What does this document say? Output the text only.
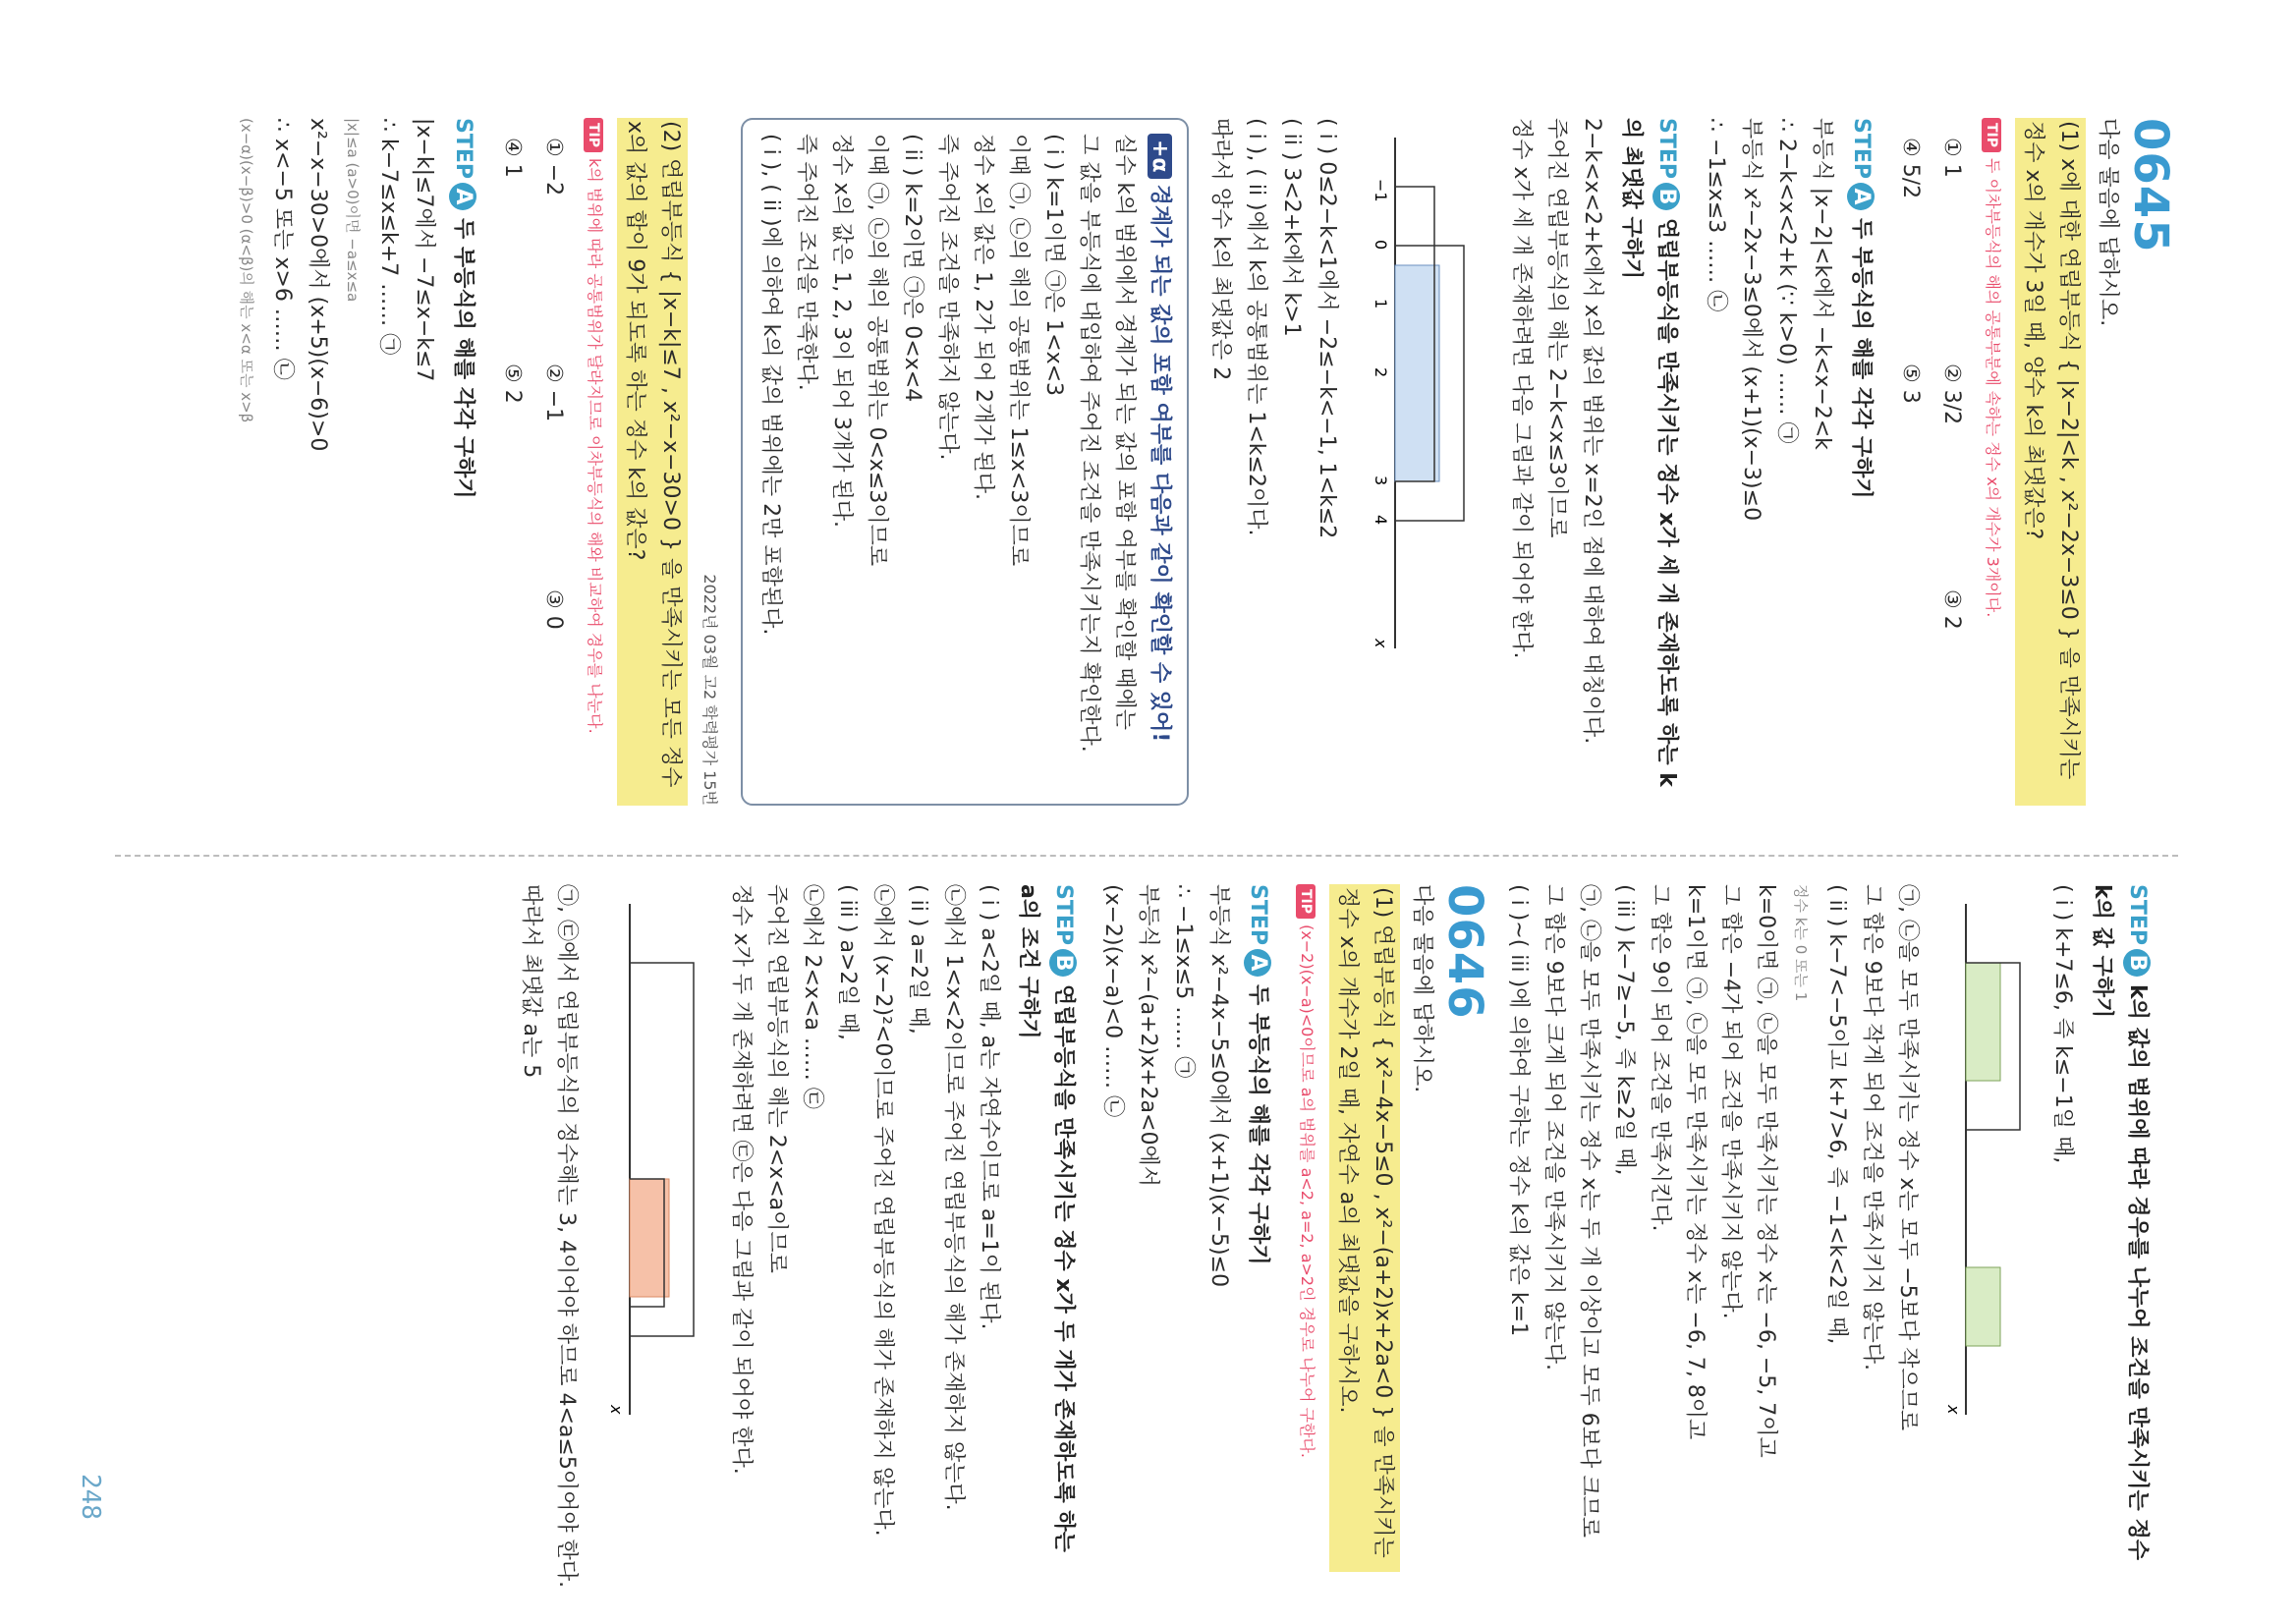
0645
다음 물음에 답하시오.
(1) x에 대한 연립부등식 { |x−2|<k , x²−2x−3≤0 } 을 만족시키는 정수 x의 개수가 3일 때, 양수 k의 최댓값은?
TIP두 이차부등식의 해의 공통부분에 속하는 정수 x의 개수가 3개이다.
① 1
② 3/2
③ 2
④ 5/2
⑤ 3
STEPA두 부등식의 해를 각각 구하기
부등식 |x−2|<k에서 −k<x−2<k
∴ 2−k<x<2+k (∵ k>0) …… ㉠
부등식 x²−2x−3≤0에서 (x+1)(x−3)≤0
∴ −1≤x≤3 …… ㉡
STEPB연립부등식을 만족시키는 정수 x가 세 개 존재하도록 하는 k의 최댓값 구하기
2−k<x<2+k에서 x의 값의 범위는 x=2인 점에 대하여 대칭이다.
주어진 연립부등식의 해는 2−k<x≤3이므로
정수 x가 세 개 존재하려면 다음 그림과 같이 되어야 한다.
−1
0
1
2
3
4
x
( i ) 0≤2−k<1에서 −2≤−k<−1, 1<k≤2
( ii ) 3<2+k에서 k>1
( i ), ( ii )에서 k의 공통범위는 1<k≤2이다.
따라서 양수 k의 최댓값은 2
+α경계가 되는 값의 포함 여부를 다음과 같이 확인할 수 있어!
실수 k의 범위에서 경계가 되는 값의 포함 여부를 확인할 때에는
그 값을 부등식에 대입하여 주어진 조건을 만족시키는지 확인한다.
( i ) k=1이면 ㉠은 1<x<3
이때 ㉠, ㉡의 해의 공통범위는 1≤x<3이므로
정수 x의 값은 1, 2가 되어 2개가 된다.
즉 주어진 조건을 만족하지 않는다.
( ii ) k=2이면 ㉠은 0<x<4
이때 ㉠, ㉡의 해의 공통범위는 0<x≤3이므로
정수 x의 값은 1, 2, 3이 되어 3개가 된다.
즉 주어진 조건을 만족한다.
( i ), ( ii )에 의하여 k의 값의 범위에는 2만 포함된다.
2022년 03월 고2 학력평가 15번
(2) 연립부등식 { |x−k|≤7 , x²−x−30>0 } 을 만족시키는 모든 정수 x의 값의 합이 9가 되도록 하는 정수 k의 값은?
TIPk의 범위에 따라 공통범위가 달라지므로 이차부등식의 해와 비교하여 경우를 나눈다.
① −2
② −1
③ 0
④ 1
⑤ 2
STEPA두 부등식의 해를 각각 구하기
|x−k|≤7에서 −7≤x−k≤7
∴ k−7≤x≤k+7 …… ㉠
|x|≤a (a>0)이면 −a≤x≤a
x²−x−30>0에서 (x+5)(x−6)>0
∴ x<−5 또는 x>6 …… ㉡
(x−α)(x−β)>0 (α<β)의 해는 x<α 또는 x>β
STEPBk의 값의 범위에 따라 경우를 나누어 조건을 만족시키는 정수 k의 값 구하기
( i ) k+7≤6, 즉 k≤−1일 때,
x
㉠, ㉡을 모두 만족시키는 정수 x는 모두 −5보다 작으므로
그 합은 9보다 작게 되어 조건을 만족시키지 않는다.
( ii ) k−7<−5이고 k+7>6, 즉 −1<k<2일 때,
정수 k는 0 또는 1
k=0이면 ㉠, ㉡을 모두 만족시키는 정수 x는 −6, −5, 7이고
그 합은 −4가 되어 조건을 만족시키지 않는다.
k=1이면 ㉠, ㉡을 모두 만족시키는 정수 x는 −6, 7, 8이고
그 합은 9이 되어 조건을 만족시킨다.
( iii ) k−7≥−5, 즉 k≥2일 때,
㉠, ㉡을 모두 만족시키는 정수 x는 두 개 이상이고 모두 6보다 크므로
그 합은 9보다 크게 되어 조건을 만족시키지 않는다.
( i )~( iii )에 의하여 구하는 정수 k의 값은 k=1
0646
다음 물음에 답하시오.
(1) 연립부등식 { x²−4x−5≤0 , x²−(a+2)x+2a<0 } 을 만족시키는 정수 x의 개수가 2일 때, 자연수 a의 최댓값을 구하시오.
TIP(x−2)(x−a)<0이므로 a의 범위를 a<2, a=2, a>2인 경우로 나누어 구한다.
STEPA두 부등식의 해를 각각 구하기
부등식 x²−4x−5≤0에서 (x+1)(x−5)≤0
∴ −1≤x≤5 …… ㉠
부등식 x²−(a+2)x+2a<0에서
(x−2)(x−a)<0 …… ㉡
STEPB연립부등식을 만족시키는 정수 x가 두 개가 존재하도록 하는 a의 조건 구하기
( i ) a<2일 때, a는 자연수이므로 a=1이 된다.
㉡에서 1<x<2이므로 주어진 연립부등식의 해가 존재하지 않는다.
( ii ) a=2일 때,
㉡에서 (x−2)²<0이므로 주어진 연립부등식의 해가 존재하지 않는다.
( iii ) a>2일 때,
㉡에서 2<x<a …… ㉢
주어진 연립부등식의 해는 2<x<a이므로
정수 x가 두 개 존재하려면 ㉢은 다음 그림과 같이 되어야 한다.
x
㉠, ㉢에서 연립부등식의 정수해는 3, 4이어야 하므로 4<a≤5이어야 한다.
따라서 최댓값 a는 5
248
